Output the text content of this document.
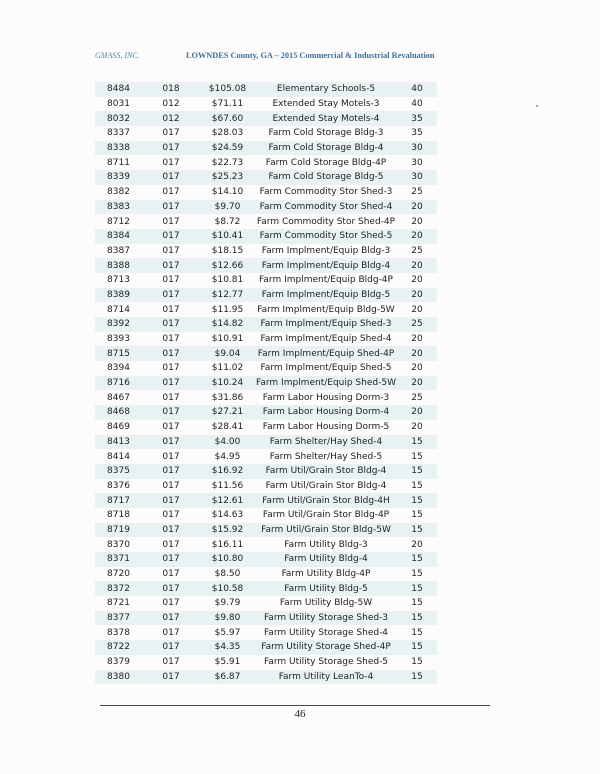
GMASS, INC.	LOWNDES County, GA – 2015 Commercial & Industrial Revaluation
8484	018	$105.08	Elementary Schools-5	40
8031	012	$71.11	Extended Stay Motels-3	40
8032	012	$67.60	Extended Stay Motels-4	35
8337	017	$28.03	Farm Cold Storage Bldg-3	35
8338	017	$24.59	Farm Cold Storage Bldg-4	30
8711	017	$22.73	Farm Cold Storage Bldg-4P	30
8339	017	$25.23	Farm Cold Storage Bldg-5	30
8382	017	$14.10	Farm Commodity Stor Shed-3	25
8383	017	$9.70	Farm Commodity Stor Shed-4	20
8712	017	$8.72	Farm Commodity Stor Shed-4P	20
8384	017	$10.41	Farm Commodity Stor Shed-5	20
8387	017	$18.15	Farm Implment/Equip Bldg-3	25
8388	017	$12.66	Farm Implment/Equip Bldg-4	20
8713	017	$10.81	Farm Implment/Equip Bldg-4P	20
8389	017	$12.77	Farm Implment/Equip Bldg-5	20
8714	017	$11.95	Farm Implment/Equip Bldg-5W	20
8392	017	$14.82	Farm Implment/Equip Shed-3	25
8393	017	$10.91	Farm Implment/Equip Shed-4	20
8715	017	$9.04	Farm Implment/Equip Shed-4P	20
8394	017	$11.02	Farm Implment/Equip Shed-5	20
8716	017	$10.24	Farm Implment/Equip Shed-5W	20
8467	017	$31.86	Farm Labor Housing Dorm-3	25
8468	017	$27.21	Farm Labor Housing Dorm-4	20
8469	017	$28.41	Farm Labor Housing Dorm-5	20
8413	017	$4.00	Farm Shelter/Hay Shed-4	15
8414	017	$4.95	Farm Shelter/Hay Shed-5	15
8375	017	$16.92	Farm Util/Grain Stor Bldg-4	15
8376	017	$11.56	Farm Util/Grain Stor Bldg-4	15
8717	017	$12.61	Farm Util/Grain Stor Bldg-4H	15
8718	017	$14.63	Farm Util/Grain Stor Bldg-4P	15
8719	017	$15.92	Farm Util/Grain Stor Bldg-5W	15
8370	017	$16.11	Farm Utility Bldg-3	20
8371	017	$10.80	Farm Utility Bldg-4	15
8720	017	$8.50	Farm Utility Bldg-4P	15
8372	017	$10.58	Farm Utility Bldg-5	15
8721	017	$9.79	Farm Utility Bldg-5W	15
8377	017	$9.80	Farm Utility Storage Shed-3	15
8378	017	$5.97	Farm Utility Storage Shed-4	15
8722	017	$4.35	Farm Utility Storage Shed-4P	15
8379	017	$5.91	Farm Utility Storage Shed-5	15
8380	017	$6.87	Farm Utility LeanTo-4	15
46
